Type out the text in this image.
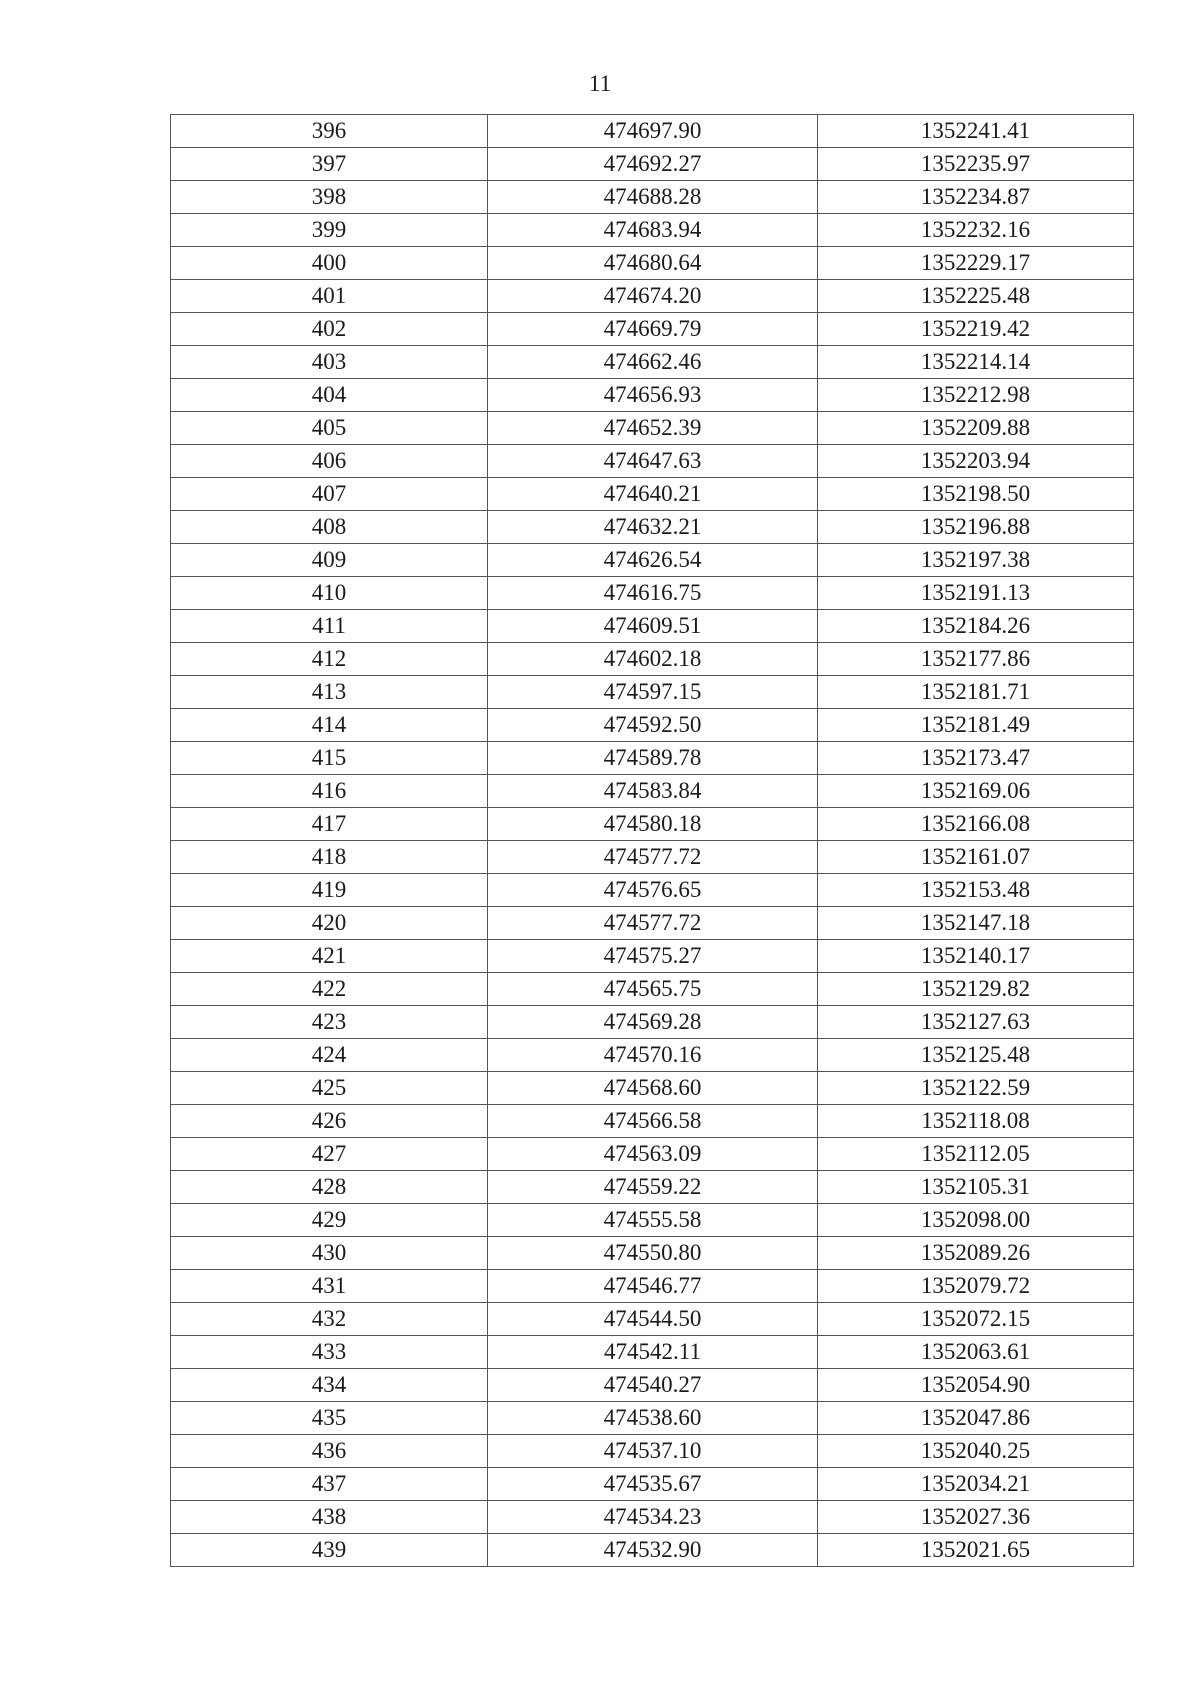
11
396	474697.90	1352241.41
397	474692.27	1352235.97
398	474688.28	1352234.87
399	474683.94	1352232.16
400	474680.64	1352229.17
401	474674.20	1352225.48
402	474669.79	1352219.42
403	474662.46	1352214.14
404	474656.93	1352212.98
405	474652.39	1352209.88
406	474647.63	1352203.94
407	474640.21	1352198.50
408	474632.21	1352196.88
409	474626.54	1352197.38
410	474616.75	1352191.13
411	474609.51	1352184.26
412	474602.18	1352177.86
413	474597.15	1352181.71
414	474592.50	1352181.49
415	474589.78	1352173.47
416	474583.84	1352169.06
417	474580.18	1352166.08
418	474577.72	1352161.07
419	474576.65	1352153.48
420	474577.72	1352147.18
421	474575.27	1352140.17
422	474565.75	1352129.82
423	474569.28	1352127.63
424	474570.16	1352125.48
425	474568.60	1352122.59
426	474566.58	1352118.08
427	474563.09	1352112.05
428	474559.22	1352105.31
429	474555.58	1352098.00
430	474550.80	1352089.26
431	474546.77	1352079.72
432	474544.50	1352072.15
433	474542.11	1352063.61
434	474540.27	1352054.90
435	474538.60	1352047.86
436	474537.10	1352040.25
437	474535.67	1352034.21
438	474534.23	1352027.36
439	474532.90	1352021.65
